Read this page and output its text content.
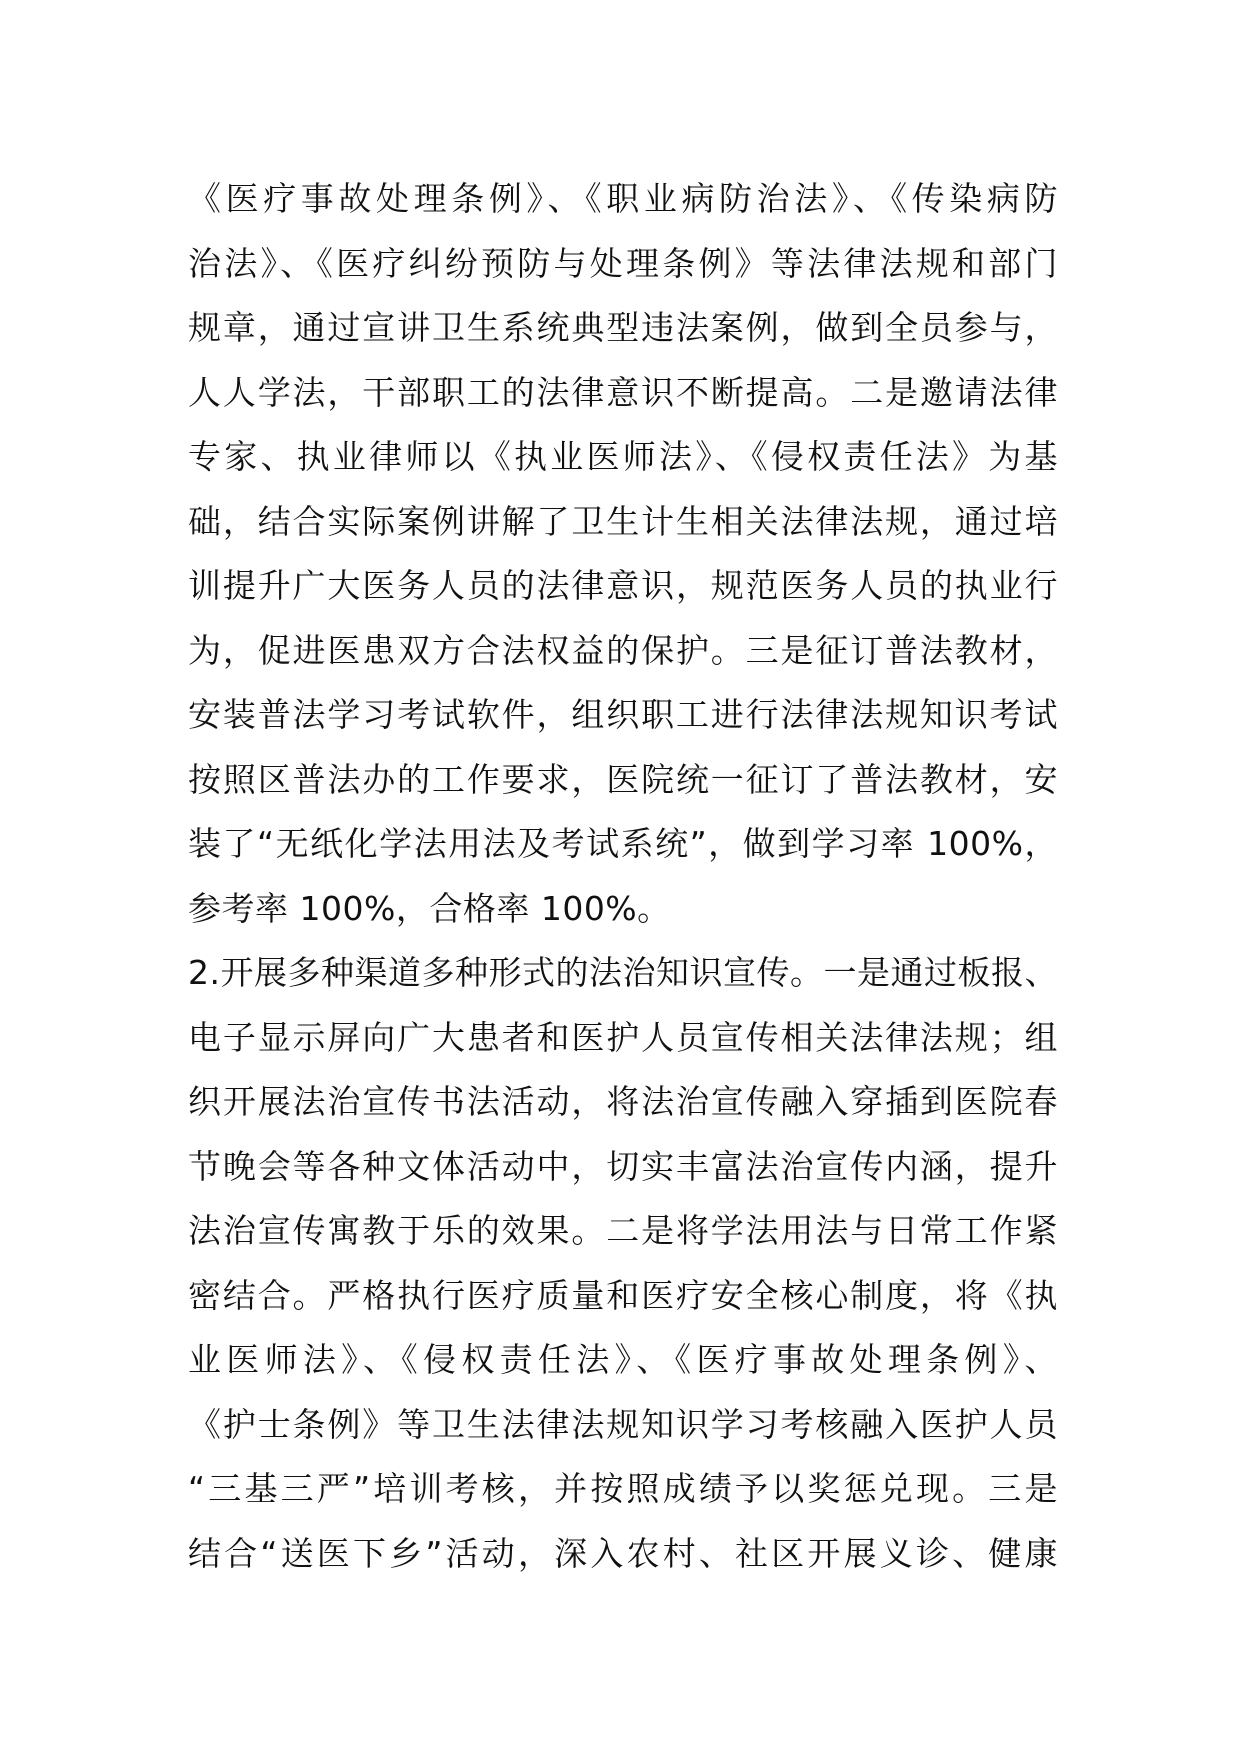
《医疗事故处理条例》、《职业病防治法》、《传染病防
治法》、《医疗纠纷预防与处理条例》等法律法规和部门
规章，通过宣讲卫生系统典型违法案例，做到全员参与，
人人学法，干部职工的法律意识不断提高。二是邀请法律
专家、执业律师以《执业医师法》、《侵权责任法》为基
础，结合实际案例讲解了卫生计生相关法律法规，通过培
训提升广大医务人员的法律意识，规范医务人员的执业行
为，促进医患双方合法权益的保护。三是征订普法教材，
安装普法学习考试软件，组织职工进行法律法规知识考试
按照区普法办的工作要求，医院统一征订了普法教材，安
装了“无纸化学法用法及考试系统”，做到学习率 100%，
参考率 100%，合格率 100%。
2.开展多种渠道多种形式的法治知识宣传。一是通过板报、
电子显示屏向广大患者和医护人员宣传相关法律法规；组
织开展法治宣传书法活动，将法治宣传融入穿插到医院春
节晚会等各种文体活动中，切实丰富法治宣传内涵，提升
法治宣传寓教于乐的效果。二是将学法用法与日常工作紧
密结合。严格执行医疗质量和医疗安全核心制度，将《执
业医师法》、《侵权责任法》、《医疗事故处理条例》、
《护士条例》等卫生法律法规知识学习考核融入医护人员
“三基三严”培训考核，并按照成绩予以奖惩兑现。三是
结合“送医下乡”活动，深入农村、社区开展义诊、健康
